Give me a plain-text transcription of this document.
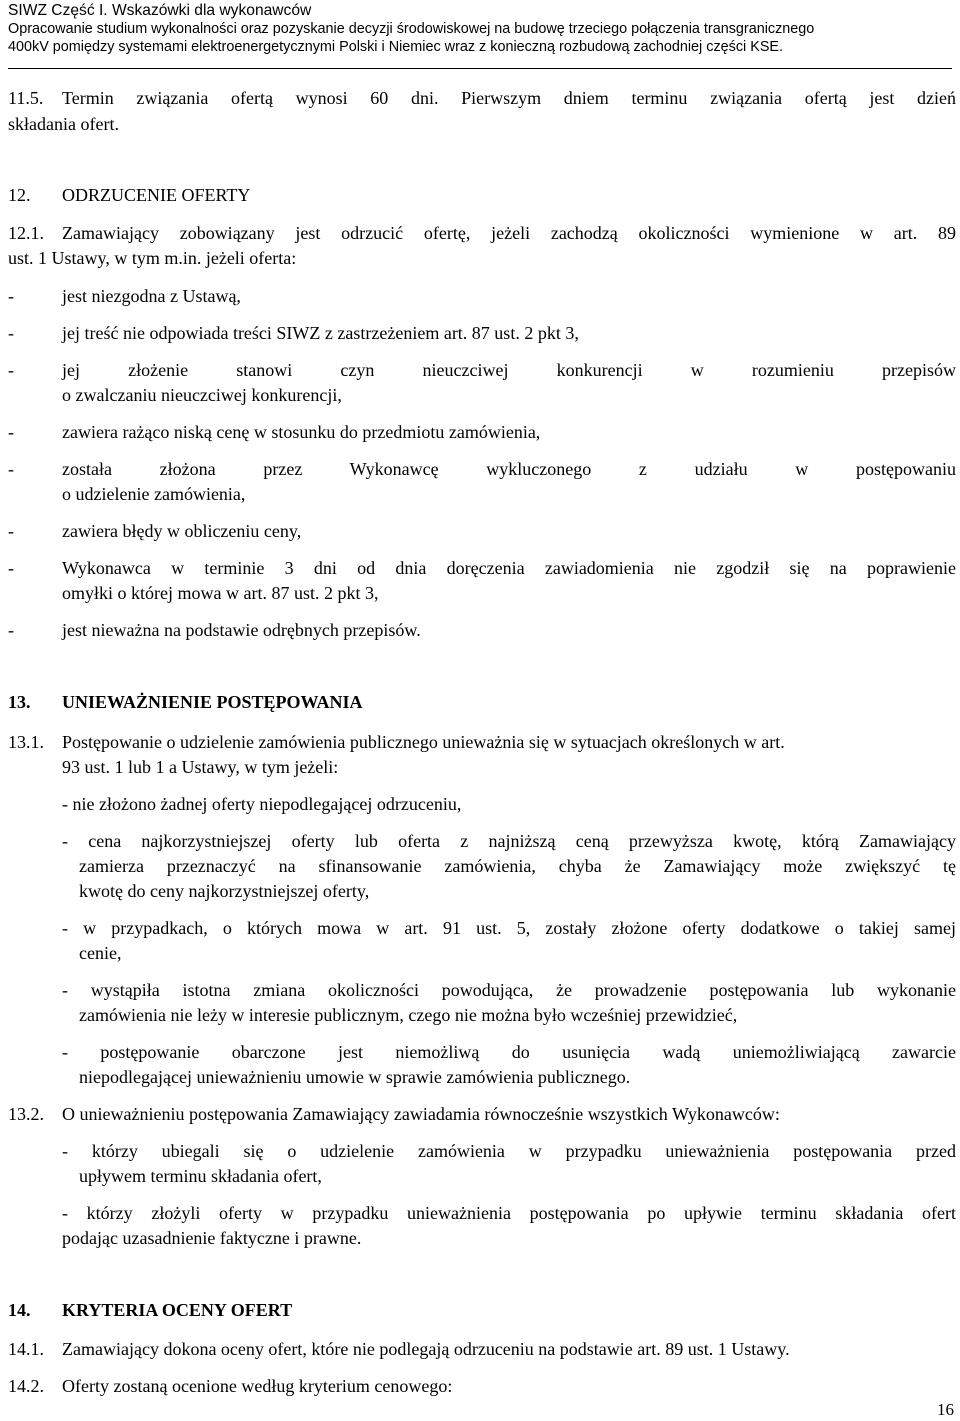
SIWZ Część I. Wskazówki dla wykonawców
Opracowanie studium wykonalności oraz pozyskanie decyzji środowiskowej na budowę trzeciego połączenia transgranicznego
400kV pomiędzy systemami elektroenergetycznymi Polski i Niemiec wraz z konieczną rozbudową zachodniej części KSE.
11.5. Termin związania ofertą wynosi 60 dni. Pierwszym dniem terminu związania ofertą jest dzień
składania ofert.
12. ODRZUCENIE OFERTY
12.1. Zamawiający zobowiązany jest odrzucić ofertę, jeżeli zachodzą okoliczności wymienione w art. 89
ust. 1 Ustawy, w tym m.in. jeżeli oferta:
-	jest niezgodna z Ustawą,
-	jej treść nie odpowiada treści SIWZ z zastrzeżeniem art. 87 ust. 2 pkt 3,
-	jej złożenie stanowi czyn nieuczciwej konkurencji w rozumieniu przepisów
o zwalczaniu nieuczciwej konkurencji,
-	zawiera rażąco niską cenę w stosunku do przedmiotu zamówienia,
-	została złożona przez Wykonawcę wykluczonego z udziału w postępowaniu
o udzielenie zamówienia,
-	zawiera błędy w obliczeniu ceny,
-	Wykonawca w terminie 3 dni od dnia doręczenia zawiadomienia nie zgodził się na poprawienie
omyłki o której mowa w art. 87 ust. 2 pkt 3,
-	jest nieważna na podstawie odrębnych przepisów.
13. UNIEWAŻNIENIE POSTĘPOWANIA
13.1. Postępowanie o udzielenie zamówienia publicznego unieważnia się w sytuacjach określonych w art.
93 ust. 1 lub 1 a Ustawy, w tym jeżeli:
- nie złożono żadnej oferty niepodlegającej odrzuceniu,
- cena najkorzystniejszej oferty lub oferta z najniższą ceną przewyższa kwotę, którą Zamawiający
zamierza przeznaczyć na sfinansowanie zamówienia, chyba że Zamawiający może zwiększyć tę
kwotę do ceny najkorzystniejszej oferty,
- w przypadkach, o których mowa w art. 91 ust. 5, zostały złożone oferty dodatkowe o takiej samej
cenie,
- wystąpiła istotna zmiana okoliczności powodująca, że prowadzenie postępowania lub wykonanie
zamówienia nie leży w interesie publicznym, czego nie można było wcześniej przewidzieć,
- postępowanie obarczone jest niemożliwą do usunięcia wadą uniemożliwiającą zawarcie
niepodlegającej unieważnieniu umowie w sprawie zamówienia publicznego.
13.2. O unieważnieniu postępowania Zamawiający zawiadamia równocześnie wszystkich Wykonawców:
- którzy ubiegali się o udzielenie zamówienia w przypadku unieważnienia postępowania przed
upływem terminu składania ofert,
- którzy złożyli oferty w przypadku unieważnienia postępowania po upływie terminu składania ofert
podając uzasadnienie faktyczne i prawne.
14. KRYTERIA OCENY OFERT
14.1. Zamawiający dokona oceny ofert, które nie podlegają odrzuceniu na podstawie art. 89 ust. 1 Ustawy.
14.2. Oferty zostaną ocenione według kryterium cenowego:
16
